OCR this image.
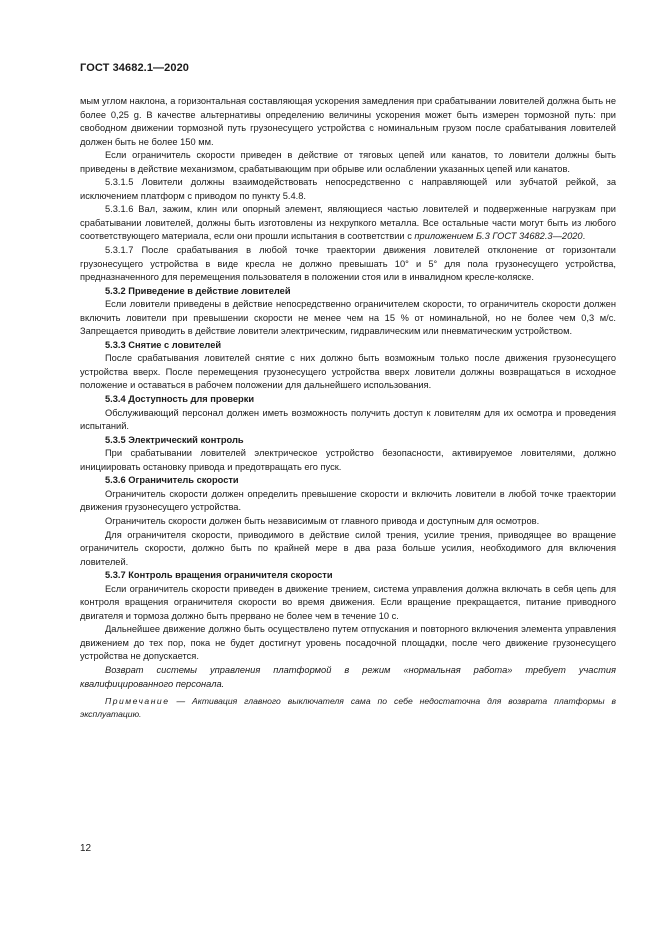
ГОСТ 34682.1—2020

мым углом наклона, а горизонтальная составляющая ускорения замедления при срабатывании ловителей должна быть не более 0,25 g. В качестве альтернативы определению величины ускорения может быть измерен тормозной путь: при свободном движении тормозной путь грузонесущего устройства с номинальным грузом после срабатывания ловителей должен быть не более 150 мм.

Если ограничитель скорости приведен в действие от тяговых цепей или канатов, то ловители должны быть приведены в действие механизмом, срабатывающим при обрыве или ослаблении указанных цепей или канатов.

5.3.1.5 Ловители должны взаимодействовать непосредственно с направляющей или зубчатой рейкой, за исключением платформ с приводом по пункту 5.4.8.

5.3.1.6 Вал, зажим, клин или опорный элемент, являющиеся частью ловителей и подверженные нагрузкам при срабатывании ловителей, должны быть изготовлены из нехрупкого металла. Все остальные части могут быть из любого соответствующего материала, если они прошли испытания в соответствии с приложением Б.3 ГОСТ 34682.3—2020.

5.3.1.7 После срабатывания в любой точке траектории движения ловителей отклонение от горизонтали грузонесущего устройства в виде кресла не должно превышать 10° и 5° для пола грузонесущего устройства, предназначенного для перемещения пользователя в положении стоя или в инвалидном кресле-коляске.

5.3.2 Приведение в действие ловителей

Если ловители приведены в действие непосредственно ограничителем скорости, то ограничитель скорости должен включить ловители при превышении скорости не менее чем на 15 % от номинальной, но не более чем 0,3 м/с. Запрещается приводить в действие ловители электрическим, гидравлическим или пневматическим устройством.

5.3.3 Снятие с ловителей

После срабатывания ловителей снятие с них должно быть возможным только после движения грузонесущего устройства вверх. После перемещения грузонесущего устройства вверх ловители должны возвращаться в исходное положение и оставаться в рабочем положении для дальнейшего использования.

5.3.4 Доступность для проверки

Обслуживающий персонал должен иметь возможность получить доступ к ловителям для их осмотра и проведения испытаний.

5.3.5 Электрический контроль

При срабатывании ловителей электрическое устройство безопасности, активируемое ловителями, должно инициировать остановку привода и предотвращать его пуск.

5.3.6 Ограничитель скорости

Ограничитель скорости должен определить превышение скорости и включить ловители в любой точке траектории движения грузонесущего устройства.

Ограничитель скорости должен быть независимым от главного привода и доступным для осмотров.

Для ограничителя скорости, приводимого в действие силой трения, усилие трения, приводящее во вращение ограничитель скорости, должно быть по крайней мере в два раза больше усилия, необходимого для включения ловителей.

5.3.7 Контроль вращения ограничителя скорости

Если ограничитель скорости приведен в движение трением, система управления должна включать в себя цепь для контроля вращения ограничителя скорости во время движения. Если вращение прекращается, питание приводного двигателя и тормоза должно быть прервано не более чем в течение 10 с.

Дальнейшее движение должно быть осуществлено путем отпускания и повторного включения элемента управления движением до тех пор, пока не будет достигнут уровень посадочной площадки, после чего движение грузонесущего устройства не допускается.

Возврат системы управления платформой в режим «нормальная работа» требует участия квалифицированного персонала.

Примечание — Активация главного выключателя сама по себе недостаточна для возврата платформы в эксплуатацию.

12
